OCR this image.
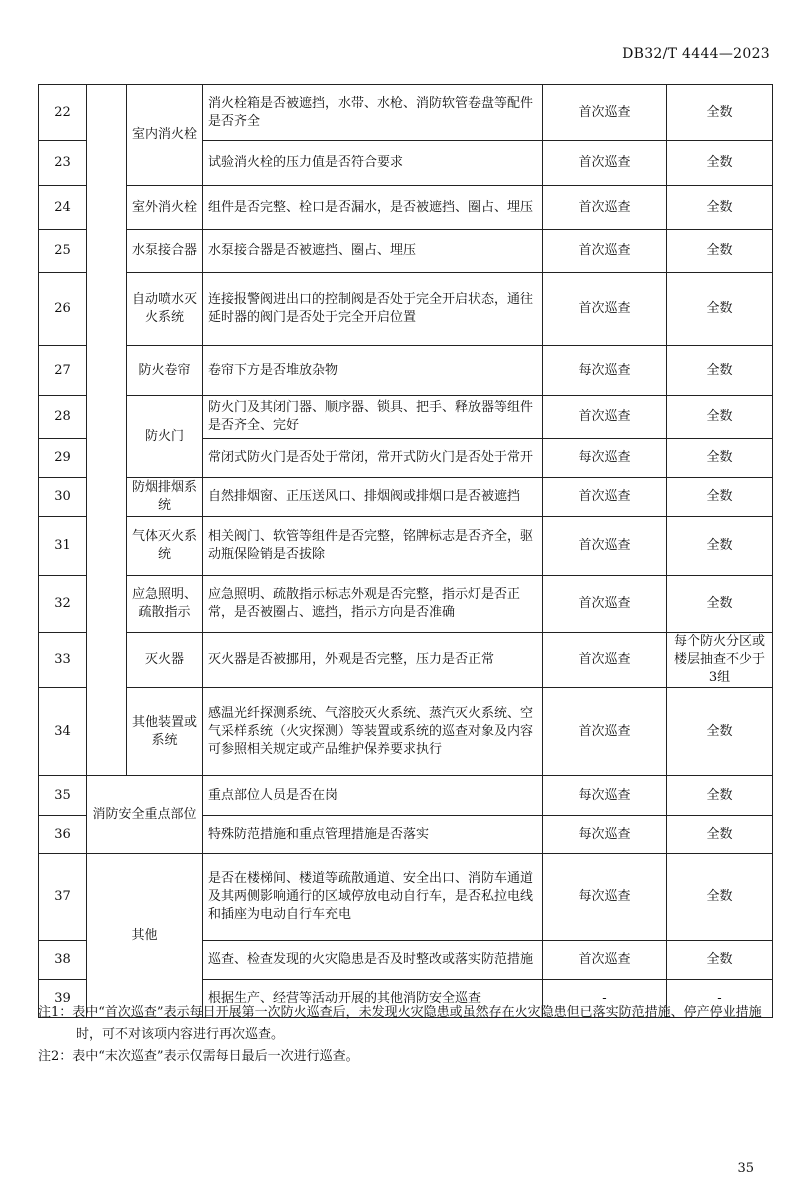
DB32/T 4444—2023
22		室内消火栓	消火栓箱是否被遮挡，水带、水枪、消防软管卷盘等配件是否齐全	首次巡查	全数
23			试验消火栓的压力值是否符合要求	首次巡查	全数
24		室外消火栓	组件是否完整、栓口是否漏水，是否被遮挡、圈占、埋压	首次巡查	全数
25		水泵接合器	水泵接合器是否被遮挡、圈占、埋压	首次巡查	全数
26		自动喷水灭火系统	连接报警阀进出口的控制阀是否处于完全开启状态，通往延时器的阀门是否处于完全开启位置	首次巡查	全数
27		防火卷帘	卷帘下方是否堆放杂物	每次巡查	全数
28		防火门	防火门及其闭门器、顺序器、锁具、把手、释放器等组件是否齐全、完好	首次巡查	全数
29			常闭式防火门是否处于常闭，常开式防火门是否处于常开	每次巡查	全数
30		防烟排烟系统	自然排烟窗、正压送风口、排烟阀或排烟口是否被遮挡	首次巡查	全数
31		气体灭火系统	相关阀门、软管等组件是否完整，铭牌标志是否齐全，驱动瓶保险销是否拔除	首次巡查	全数
32		应急照明、疏散指示	应急照明、疏散指示标志外观是否完整，指示灯是否正常，是否被圈占、遮挡，指示方向是否准确	首次巡查	全数
33		灭火器	灭火器是否被挪用，外观是否完整，压力是否正常	首次巡查	每个防火分区或楼层抽查不少于3组
34		其他装置或系统	感温光纤探测系统、气溶胶灭火系统、蒸汽灭火系统、空气采样系统（火灾探测）等装置或系统的巡查对象及内容可参照相关规定或产品维护保养要求执行	首次巡查	全数
35	消防安全重点部位		重点部位人员是否在岗	每次巡查	全数
36			特殊防范措施和重点管理措施是否落实	每次巡查	全数
37	其他		是否在楼梯间、楼道等疏散通道、安全出口、消防车通道及其两侧影响通行的区域停放电动自行车，是否私拉电线和插座为电动自行车充电	每次巡查	全数
38			巡查、检查发现的火灾隐患是否及时整改或落实防范措施	首次巡查	全数
39			根据生产、经营等活动开展的其他消防安全巡查	-	-

注1：表中“首次巡查”表示每日开展第一次防火巡查后，未发现火灾隐患或虽然存在火灾隐患但已落实防范措施、停产停业措施时，可不对该项内容进行再次巡查。

注2：表中“末次巡查”表示仅需每日最后一次进行巡查。

35
